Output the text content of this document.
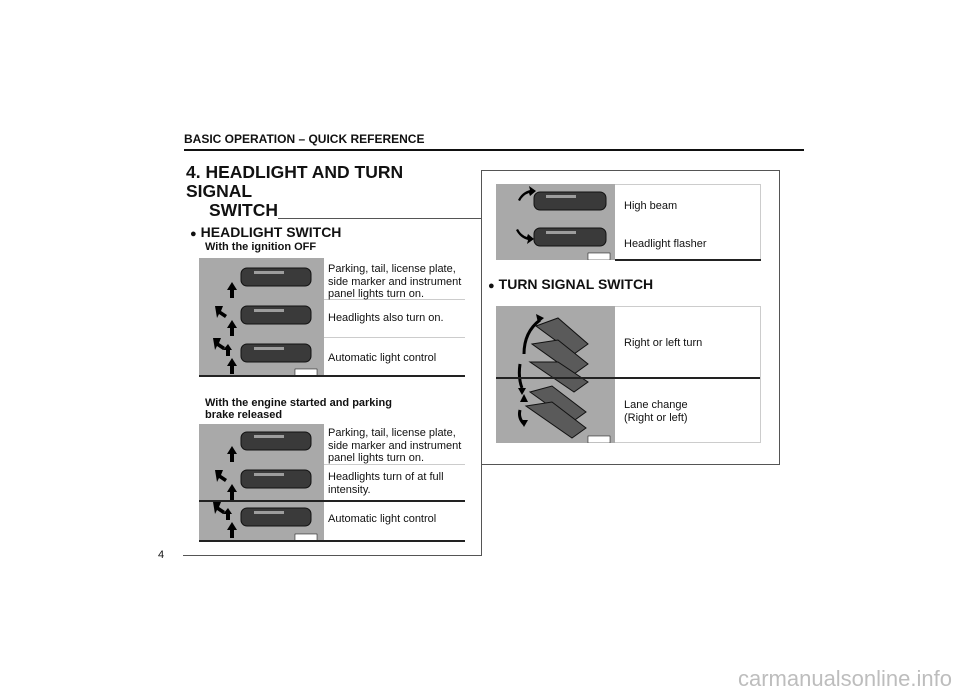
BASIC OPERATION – QUICK REFERENCE
4. HEADLIGHT AND TURN
SIGNAL
SWITCH
● HEADLIGHT SWITCH
With the ignition OFF
Parking, tail, license plate, side marker and instrument panel lights turn on.
Headlights also turn on.
Automatic light control
With the engine started and parking
brake released
Parking, tail, license plate, side marker and instrument panel lights turn on.
Headlights turn of at full intensity.
Automatic light control
High beam
Headlight flasher
● TURN SIGNAL SWITCH
Right or left turn
Lane change
(Right or left)
4
carmanualsonline.info
